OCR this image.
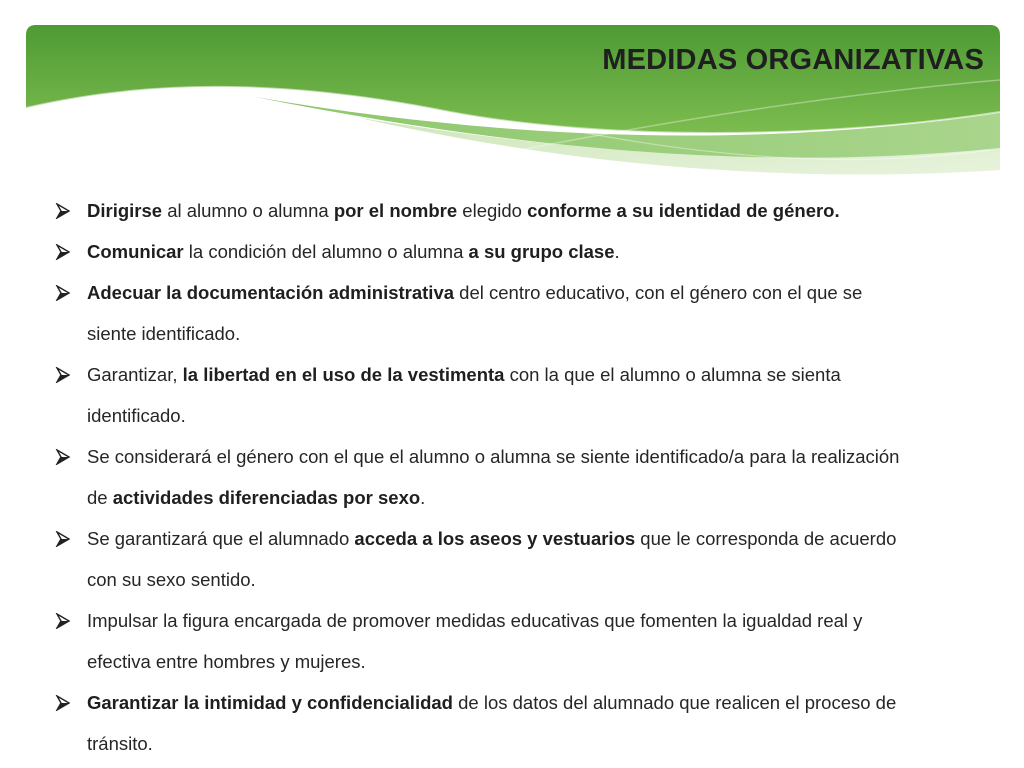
MEDIDAS ORGANIZATIVAS
Dirigirse al alumno o alumna por el nombre elegido conforme a su identidad de género.
Comunicar la condición del alumno o alumna a su grupo clase.
Adecuar la documentación administrativa del centro educativo, con el género con el que se
siente identificado.
Garantizar, la libertad en el uso de la vestimenta con la que el alumno o alumna se sienta
identificado.
Se considerará el género con el que el alumno o alumna se siente identificado/a para la realización
de actividades diferenciadas por sexo.
Se garantizará que el alumnado acceda a los aseos y vestuarios que le corresponda de acuerdo
con su sexo sentido.
Impulsar la figura encargada de promover medidas educativas que fomenten la igualdad real y
efectiva entre hombres y mujeres.
Garantizar la intimidad y confidencialidad de los datos del alumnado que realicen el proceso de
tránsito.
